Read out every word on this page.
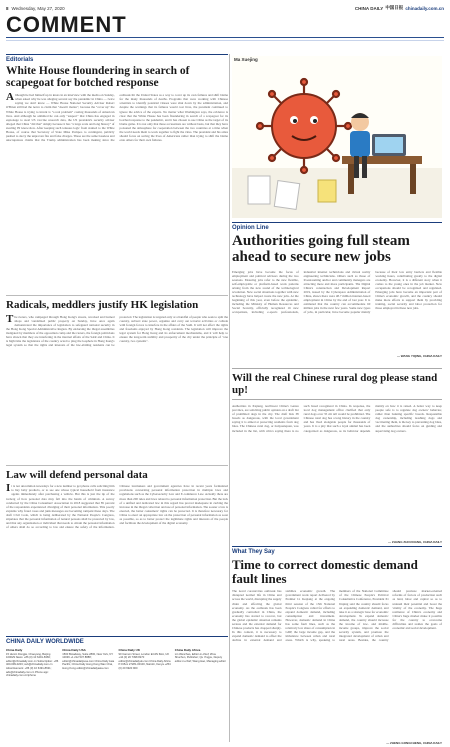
8 Wednesday, May 27, 2020	CHINA DAILY 中国日报 chinadaily.com.cn
COMMENT
Editorials
White House floundering in search of scapegoat for botched response
Although he lied himself up in knots in an interview with the media on Sunday, when asked why he was alleging several say the pandemic in China — twice saying we don't know — White House National Security Adviser Robert O'Brien still had the nerve to claim that "doesn't matter", because the "cover up" the White House is trying to invent is "a real problem" costing thousands of American lives. And although he admitted he can only "suspect" that China has engaged in espionage to steal US vaccine research data, the US president's security adviser alleged that China "did that" simply because it has "a large scale and long history" of stealing IN know-how. After keeping such tenuous logic from stained to the White House, of course that Secretary of State Mike Pompeo to contingent, publicly pushed to decry the unproven fire and false charges. These are the same baseless and unscrupulous claims that the Trump administration has been making since the outbreak hit the United States as a way to cover up its own failures and shift blame for the many thousands of deaths. Programs that were working with Chinese scientists to identify potential viruses were shut down by the administration, and despite the warnings that its failures would cost lives, the president continued to ignore the advice of the experts. No matter what Washington says, the evidence is clear that the White House has been floundering in search of a scapegoat for its botched response to the pandemic, and it has chosen to use China as the target of its blame game. It is not only that these accusations are without basis, but that they have poisoned the atmosphere for cooperation between the two countries at a time when the world needs them to work together to fight the virus. The president and his aides should focus on saving the lives of Americans rather than trying to shift the blame onto others for their own failures.
Radicals, meddlers justify HK legislation
The rioters, who rampaged through Hong Kong's streets, wrecked and burned shops and vandalized public property on Sunday, have once again demonstrated the importance of legislation to safeguard national security in the Hong Kong Special Administrative Region. By endorsing the illegal assemblies instigated by members of the opposition camp and the rioters, the foreign politicians have shown that they are interfering in the internal affairs of the SAR and China. It is high time the legislature of the country acted to plug the loophole in Hong Kong's legal system so that the rights and interests of the law-abiding residents can be protected. The legislation is targeted only at a handful of people who seek to split the country, subvert state power, organize and carry out terrorist activities or collude with foreign forces to interfere in the affairs of the SAR. It will not affect the rights and freedoms enjoyed by Hong Kong residents. The legislation will improve the legal system for Hong Kong and its enforcement mechanisms, and it will help to ensure the long-term stability and prosperity of the city under the principle of "one country, two systems".
Law will defend personal data
It is not uncommon nowadays for a new number to get phone calls soliciting him to buy baby products, or to see one whose typical household from insurance agents immediately after purchasing a vehicle. But this is just the tip of the iceberg of how personal data may fall into the hands of criminals. A survey conducted by the China Consumers' Association in 2018 suggested that 85 percent of the respondents experienced divulging of their personal information. This poorly explains why fraud cases and junk messages are becoming rampant these days. The draft Civil Code, which is being deliberated by the National People's Congress, stipulates that the personal information of natural persons shall be protected by law, and that any organization or individual that needs to obtain the personal information of others shall do so according to law and ensure the safety of the information. Chinese lawmakers and government agencies have in recent years formulated provisions concerning personal information protection in multiple laws and regulations such as the Cybersecurity Law and E-commerce Law. Actually there are more than 200 rules and laws related to personal information protection. But the lack of a unified and dedicated law in this regard has proved inadequate in curbing the increase in the illegal collection and use of personal information. The sooner a law is enacted, the better consumers' rights can be protected. It is therefore necessary for China to enact an appropriate law on the protection of personal information as soon as possible, so as to better protect the legitimate rights and interests of the people and facilitate the development of the digital economy.
CHINA DAILY WORLDWIDE
China Daily
15 Huixin Dongjie, Chaoyang, Beijing 100029 News: +86 (0) 10 6491-8366; editor@chinadaily.com.cn Subscription: +86 400-699-0203; sub@chinadaily.com.cn Advertisement: +86 (0) 10 6491-8631; ads@chinadaily.com.cn Phone app: chinadaily.com.cn/iphone
China Daily USA
1500 Broadway, Suite 2800, New York, NY 10036 +1 212 537 8888; editor@chinadailyusa.com China Daily Asia Pacific, China Daily Hong Kong Wan Chai, Hong Kong editor@chinadailyasia.com
China Daily UK
90 Cannon Street, London EC4N 6HA, UK +44 (0) 20 7398 8270 editor@chinadailyuk.com China Daily Africa P.O.Box 27281-00100, Nairobi, Kenya +254 (0) 20 6920 900
China Daily Africa
Lin Wenchao, Editor-in-chief; Zhou Shuchun, Publisher; Qu Yingpu, Deputy editor-in-chief; Wang Hao, Managing editor
Ma Xuejing
Opinion Line
Authorities going full steam ahead to secure new jobs
Emerging jobs have become the focus of employment and political advisors during the two sessions. Ensuring jobs refer to the new flexible, self-employable or platform-based work patterns arising from the new round of the technological revolution. New social situations together with new technology have helped create the new jobs. At the beginning of this year, even before the epidemic, including the Ministry of Human Resources and Social Security, officially recognized 16 new occupations, including e-sports professionals, industrial internet technicians and virtual reality engineering technicians. Others such as those of livestreaming anchor and community managers are attracting more and more participants. The Digital China's construction and Development Report 2019, issued by the Cyberspace Administration of China, shows there were 48.7 million internet-based employment in China by the end of last year. It is estimated that the country can accommodate 60 million jobs in the next few years. Some new types of jobs, in particular, have become popular mainly because of their low entry barriers and flexible working hours, contributing greatly to the digital economy. However, it is a different story when it comes to the young ones in the job market. New occupations should be recognized and regulated. Emerging jobs have become an important part of China's economic growth, and the country should make more efforts to support them by providing training, social security and labor protection for those employed in these new jobs.
— WANG YIQING, CHINA DAILY
Will the real Chinese rural dog please stand up!
Authorities in Xiqiang, northwest China's Gansu province, are soliciting public opinion on a draft list of prohibited dogs in the city. The draft lists 38 breeds as dangerous, with the local government saying it is aimed at protecting residents from dog bites. The Chinese rural dog, or tianyuanquan, was included in the list, with critics saying there is no such breed recognized in China. In response, the local dog management office clarified that only rural dogs over 35 cm tall would be prohibited. The Chinese rural dog has a long history in the country and has lived alongside people for thousands of years. It is a pity that such a loyal animal has been categorized as dangerous, as its behavior depends mainly on how it is raised. A better way to keep people safe is to regulate dog owners' behavior, rather than banning specific breeds. Responsible dog ownership, including leashing dogs and vaccinating them, is the key to preventing dog bites, and the authorities should focus on guiding and supervising dog owners.
— ZHANG ZHOUXIANG, CHINA DAILY
What They Say
Time to correct domestic demand fault lines
The novel coronavirus outbreak has disrupted normal life in China and across the world, disrupting the supply chain and affecting the global economy. As the outbreak has been gradually controlled in China, the economy has started to recover, but the global epidemic situation remains serious and the external demand for Chinese products has dropped sharply. In this context, it is necessary to expand domestic demand to offset the decline in external demand and stabilize economic growth. The government work report delivered by Premier Li Keqiang at the ongoing third session of the 13th National People's Congress called for efforts to expand domestic demand, including consumption and investment. However, domestic demand in China has some fault lines, such as the relatively low share of consumption in GDP, the large income gap, and the imbalance between urban and rural areas. Which is why, speaking to members of the National Committee of the Chinese People's Political Consultative Conference, President Xi Jinping said the country should focus on expanding domestic demand, and take it as a strategic base for economic development. To expand domestic demand, the country should increase the income of low- and middle-income groups, improve the social security system, and promote the integrated development of urban and rural areas. Besides, the country should promote market-oriented reforms of factors of production such as land, labor and capital so as to unleash their potential and boost the vitality of the economy. The huge resilience of China's economy and China's huge market make it possible for the country to overcome difficulties and realize the goals of economic and social development.
— ZHENG GONGCHENG, CHINA DAILY
